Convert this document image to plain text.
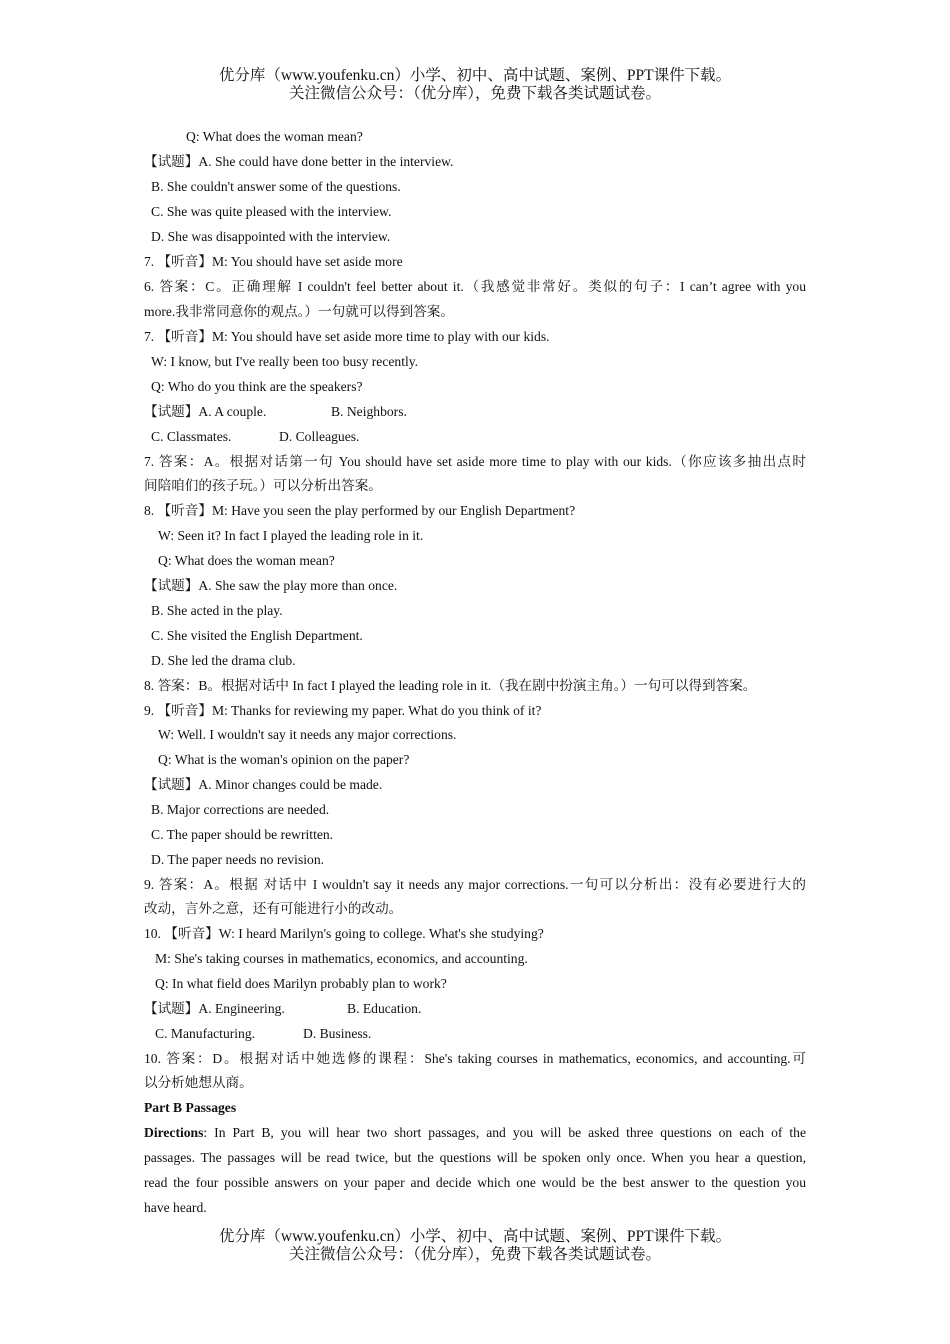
优分库（www.youfenku.cn）小学、初中、高中试题、案例、PPT课件下载。
关注微信公众号：（优分库），免费下载各类试题试卷。
Q: What does the woman mean?
【试题】A. She could have done better in the interview.
B. She couldn't answer some of the questions.
C. She was quite pleased with the interview.
D. She was disappointed with the interview.
7. 【听音】M: You should have set aside more
6. 答案：C。正确理解 I couldn't feel better about it.（我感觉非常好。类似的句子：I can’t agree with you
more.我非常同意你的观点。）一句就可以得到答案。
7. 【听音】M: You should have set aside more time to play with our kids.
W: I know, but I've really been too busy recently.
Q: Who do you think are the speakers?
【试题】A. A couple.	B. Neighbors.
C. Classmates.	D. Colleagues.
7. 答案：A。根据对话第一句 You should have set aside more time to play with our kids.（你应该多抽出点时
间陪咱们的孩子玩。）可以分析出答案。
8. 【听音】M: Have you seen the play performed by our English Department?
W: Seen it? In fact I played the leading role in it.
Q: What does the woman mean?
【试题】A. She saw the play more than once.
B. She acted in the play.
C. She visited the English Department.
D. She led the drama club.
8. 答案：B。根据对话中 In fact I played the leading role in it.（我在剧中扮演主角。）一句可以得到答案。
9. 【听音】M: Thanks for reviewing my paper. What do you think of it?
W: Well. I wouldn't say it needs any major corrections.
Q: What is the woman's opinion on the paper?
【试题】A. Minor changes could be made.
B. Major corrections are needed.
C. The paper should be rewritten.
D. The paper needs no revision.
9. 答案：A。根据 对话中 I wouldn't say it needs any major corrections.一句可以分析出：没有必要进行大的
改动，言外之意，还有可能进行小的改动。
10. 【听音】W: I heard Marilyn's going to college. What's she studying?
M: She's taking courses in mathematics, economics, and accounting.
Q: In what field does Marilyn probably plan to work?
【试题】A. Engineering.	B. Education.
C. Manufacturing.	D. Business.
10. 答案：D。根据对话中她选修的课程：She's taking courses in mathematics, economics, and accounting.可
以分析她想从商。
Part B Passages
Directions: In Part B, you will hear two short passages, and you will be asked three questions on each of the
passages. The passages will be read twice, but the questions will be spoken only once. When you hear a question,
read the four possible answers on your paper and decide which one would be the best answer to the question you
have heard.
优分库（www.youfenku.cn）小学、初中、高中试题、案例、PPT课件下载。
关注微信公众号：（优分库），免费下载各类试题试卷。
